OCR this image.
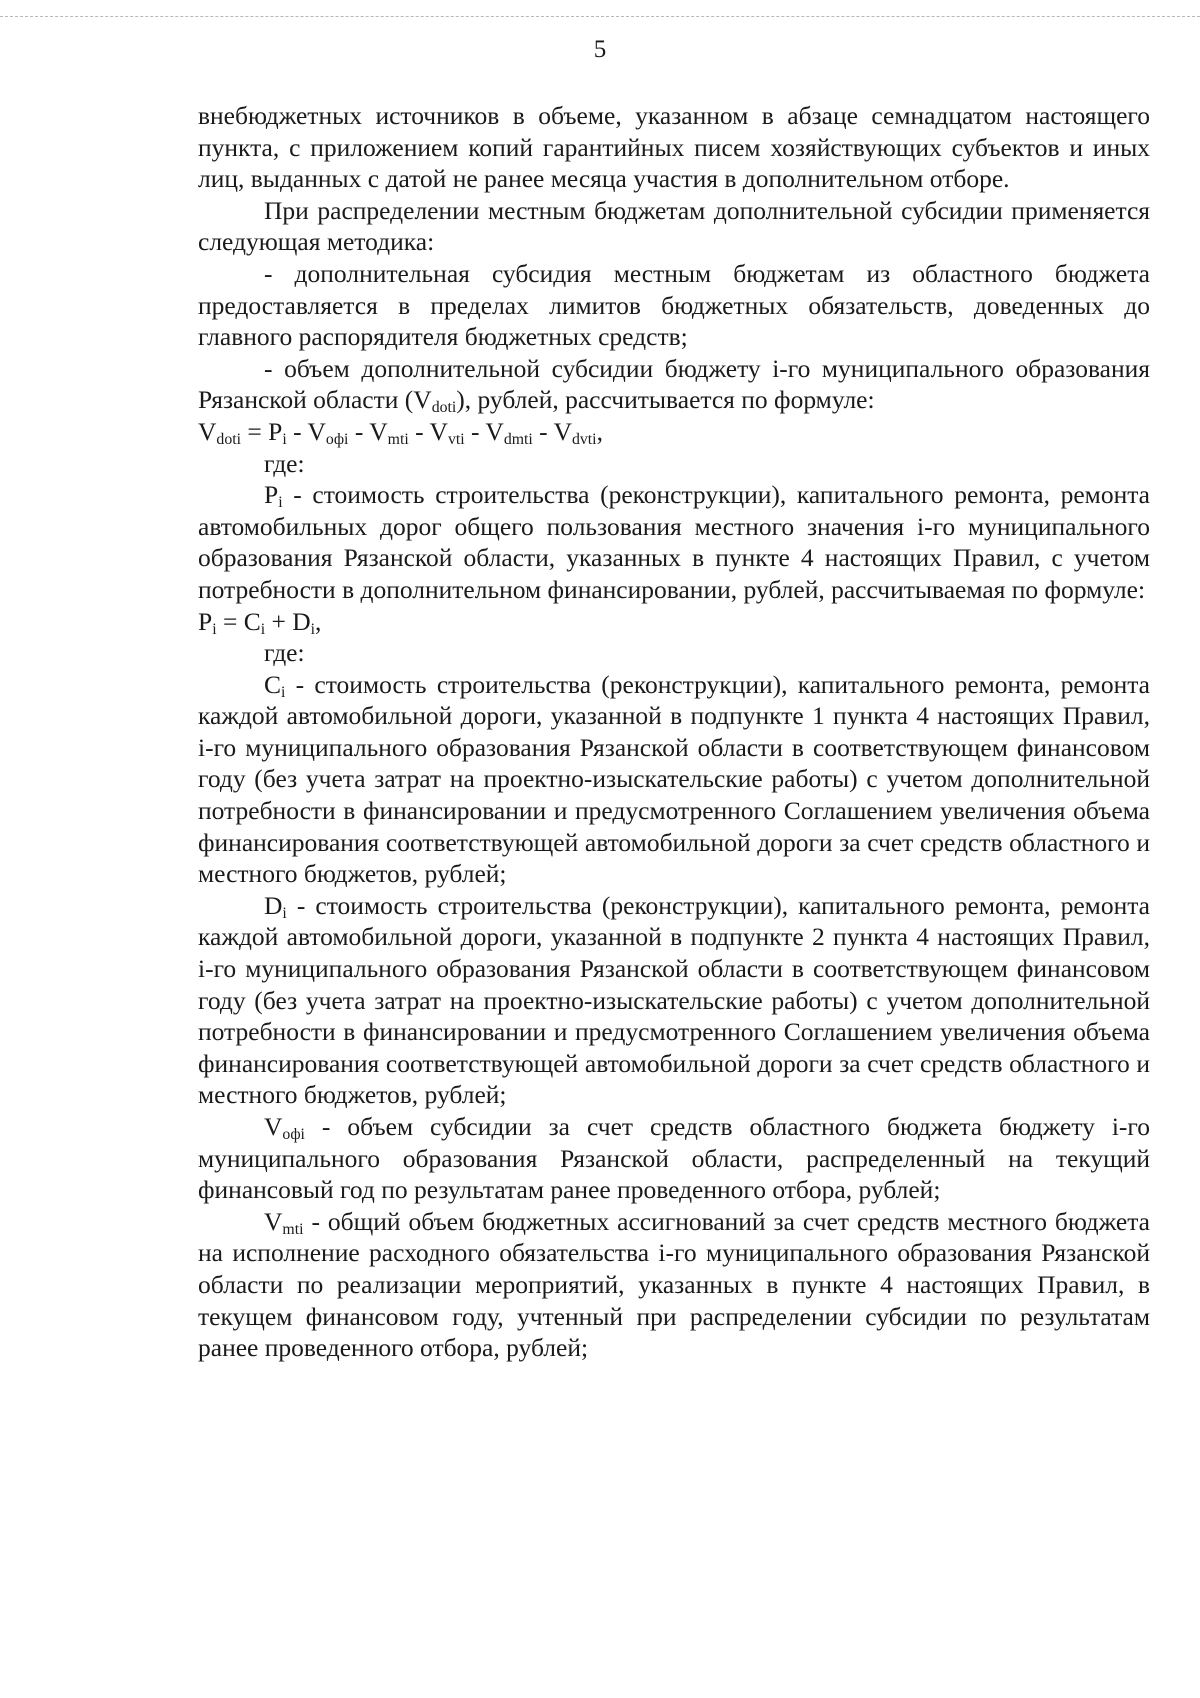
5

внебюджетных источников в объеме, указанном в абзаце семнадцатом настоящего пункта, с приложением копий гарантийных писем хозяйствующих субъектов и иных лиц, выданных с датой не ранее месяца участия в дополнительном отборе.

При распределении местным бюджетам дополнительной субсидии применяется следующая методика:

- дополнительная субсидия местным бюджетам из областного бюджета предоставляется в пределах лимитов бюджетных обязательств, доведенных до главного распорядителя бюджетных средств;

- объем дополнительной субсидии бюджету i-го муниципального образования Рязанской области $(V_{doti})$, рублей, рассчитывается по формуле:

$V_{doti} = P_i - V_{офi} - V_{mti} - V_{vti} - V_{dmti} - V_{dvti}$,

где:

$P_i$ - стоимость строительства (реконструкции), капитального ремонта, ремонта автомобильных дорог общего пользования местного значения i-го муниципального образования Рязанской области, указанных в пункте 4 настоящих Правил, с учетом потребности в дополнительном финансировании, рублей, рассчитываемая по формуле:

$P_i = C_i + D_i$,

где:

$C_i$ - стоимость строительства (реконструкции), капитального ремонта, ремонта каждой автомобильной дороги, указанной в подпункте 1 пункта 4 настоящих Правил, i-го муниципального образования Рязанской области в соответствующем финансовом году (без учета затрат на проектно-изыскательские работы) с учетом дополнительной потребности в финансировании и предусмотренного Соглашением увеличения объема финансирования соответствующей автомобильной дороги за счет средств областного и местного бюджетов, рублей;

$D_i$ - стоимость строительства (реконструкции), капитального ремонта, ремонта каждой автомобильной дороги, указанной в подпункте 2 пункта 4 настоящих Правил, i-го муниципального образования Рязанской области в соответствующем финансовом году (без учета затрат на проектно-изыскательские работы) с учетом дополнительной потребности в финансировании и предусмотренного Соглашением увеличения объема финансирования соответствующей автомобильной дороги за счет средств областного и местного бюджетов, рублей;

$V_{офi}$ - объем субсидии за счет средств областного бюджета бюджету i-го муниципального образования Рязанской области, распределенный на текущий финансовый год по результатам ранее проведенного отбора, рублей;

$V_{mti}$ - общий объем бюджетных ассигнований за счет средств местного бюджета на исполнение расходного обязательства i-го муниципального образования Рязанской области по реализации мероприятий, указанных в пункте 4 настоящих Правил, в текущем финансовом году, учтенный при распределении субсидии по результатам ранее проведенного отбора, рублей;
